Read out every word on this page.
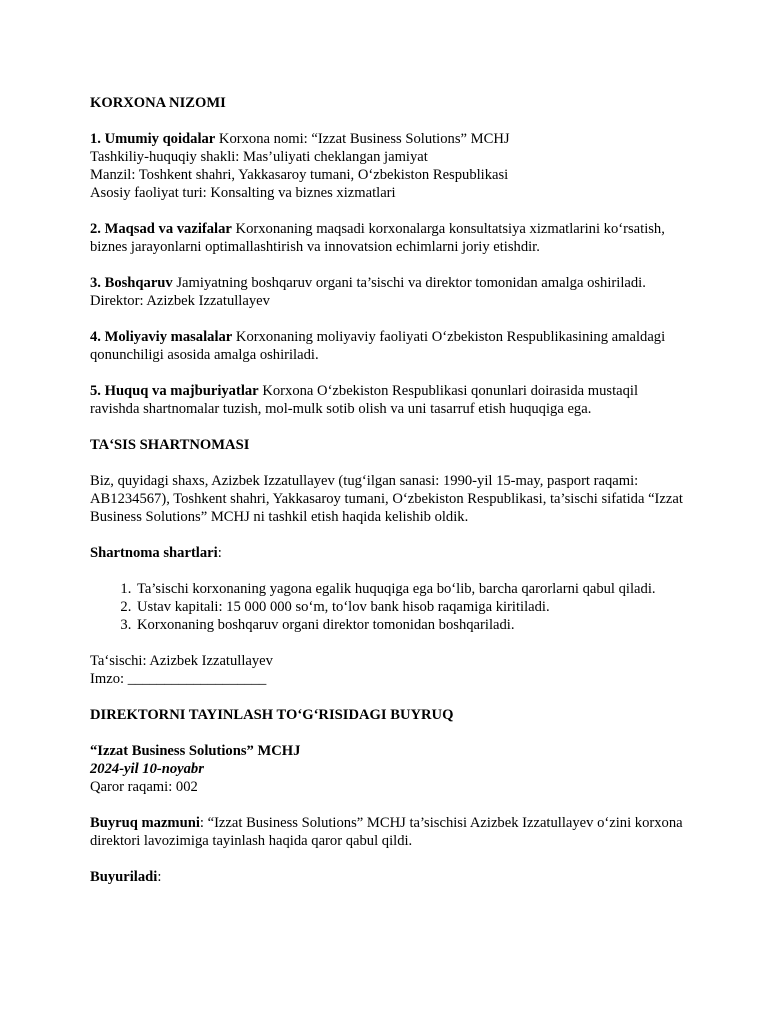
KORXONA NIZOMI

1. Umumiy qoidalar Korxona nomi: “Izzat Business Solutions” MCHJ
Tashkiliy-huquqiy shakli: Mas’uliyati cheklangan jamiyat
Manzil: Toshkent shahri, Yakkasaroy tumani, O‘zbekiston Respublikasi
Asosiy faoliyat turi: Konsalting va biznes xizmatlari

2. Maqsad va vazifalar Korxonaning maqsadi korxonalarga konsultatsiya xizmatlarini ko‘rsatish, biznes jarayonlarni optimallashtirish va innovatsion echimlarni joriy etishdir.

3. Boshqaruv Jamiyatning boshqaruv organi ta’sischi va direktor tomonidan amalga oshiriladi.
Direktor: Azizbek Izzatullayev

4. Moliyaviy masalalar Korxonaning moliyaviy faoliyati O‘zbekiston Respublikasining amaldagi qonunchiligi asosida amalga oshiriladi.

5. Huquq va majburiyatlar Korxona O‘zbekiston Respublikasi qonunlari doirasida mustaqil ravishda shartnomalar tuzish, mol-mulk sotib olish va uni tasarruf etish huquqiga ega.

TA‘SIS SHARTNOMASI

Biz, quyidagi shaxs, Azizbek Izzatullayev (tug‘ilgan sanasi: 1990-yil 15-may, pasport raqami: AB1234567), Toshkent shahri, Yakkasaroy tumani, O‘zbekiston Respublikasi, ta’sischi sifatida “Izzat Business Solutions” MCHJ ni tashkil etish haqida kelishib oldik.

Shartnoma shartlari:

1. Ta’sischi korxonaning yagona egalik huquqiga ega bo‘lib, barcha qarorlarni qabul qiladi.
2. Ustav kapitali: 15 000 000 so‘m, to‘lov bank hisob raqamiga kiritiladi.
3. Korxonaning boshqaruv organi direktor tomonidan boshqariladi.

Ta‘sischi: Azizbek Izzatullayev
Imzo: ___________________

DIREKTORNI TAYINLASH TO‘G‘RISIDAGI BUYRUQ

“Izzat Business Solutions” MCHJ
2024-yil 10-noyabr
Qaror raqami: 002

Buyruq mazmuni: “Izzat Business Solutions” MCHJ ta’sischisi Azizbek Izzatullayev o‘zini korxona direktori lavozimiga tayinlash haqida qaror qabul qildi.

Buyuriladi:
